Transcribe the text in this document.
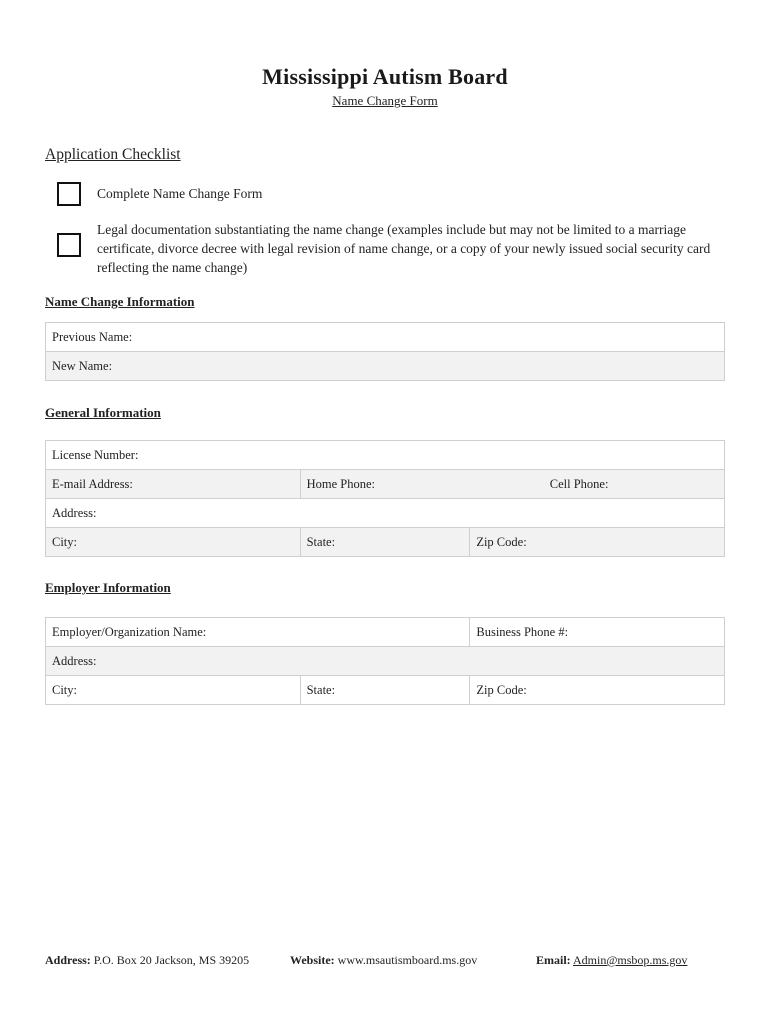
Mississippi Autism Board
Name Change Form
Application Checklist
Complete Name Change Form
Legal documentation substantiating the name change (examples include but may not be limited to a marriage certificate, divorce decree with legal revision of name change, or a copy of your newly issued social security card reflecting the name change)
Name Change Information
Previous Name:
New Name:
General Information
License Number:			
E-mail Address:	Home Phone:		Cell Phone:
Address:			
City:	State:	Zip Code:	
Employer Information
Employer/Organization Name:		Business Phone #:
Address:		
City:	State:	Zip Code:
Address: P.O. Box 20 Jackson, MS 39205	Website: www.msautismboard.ms.gov	Email: Admin@msbop.ms.gov
